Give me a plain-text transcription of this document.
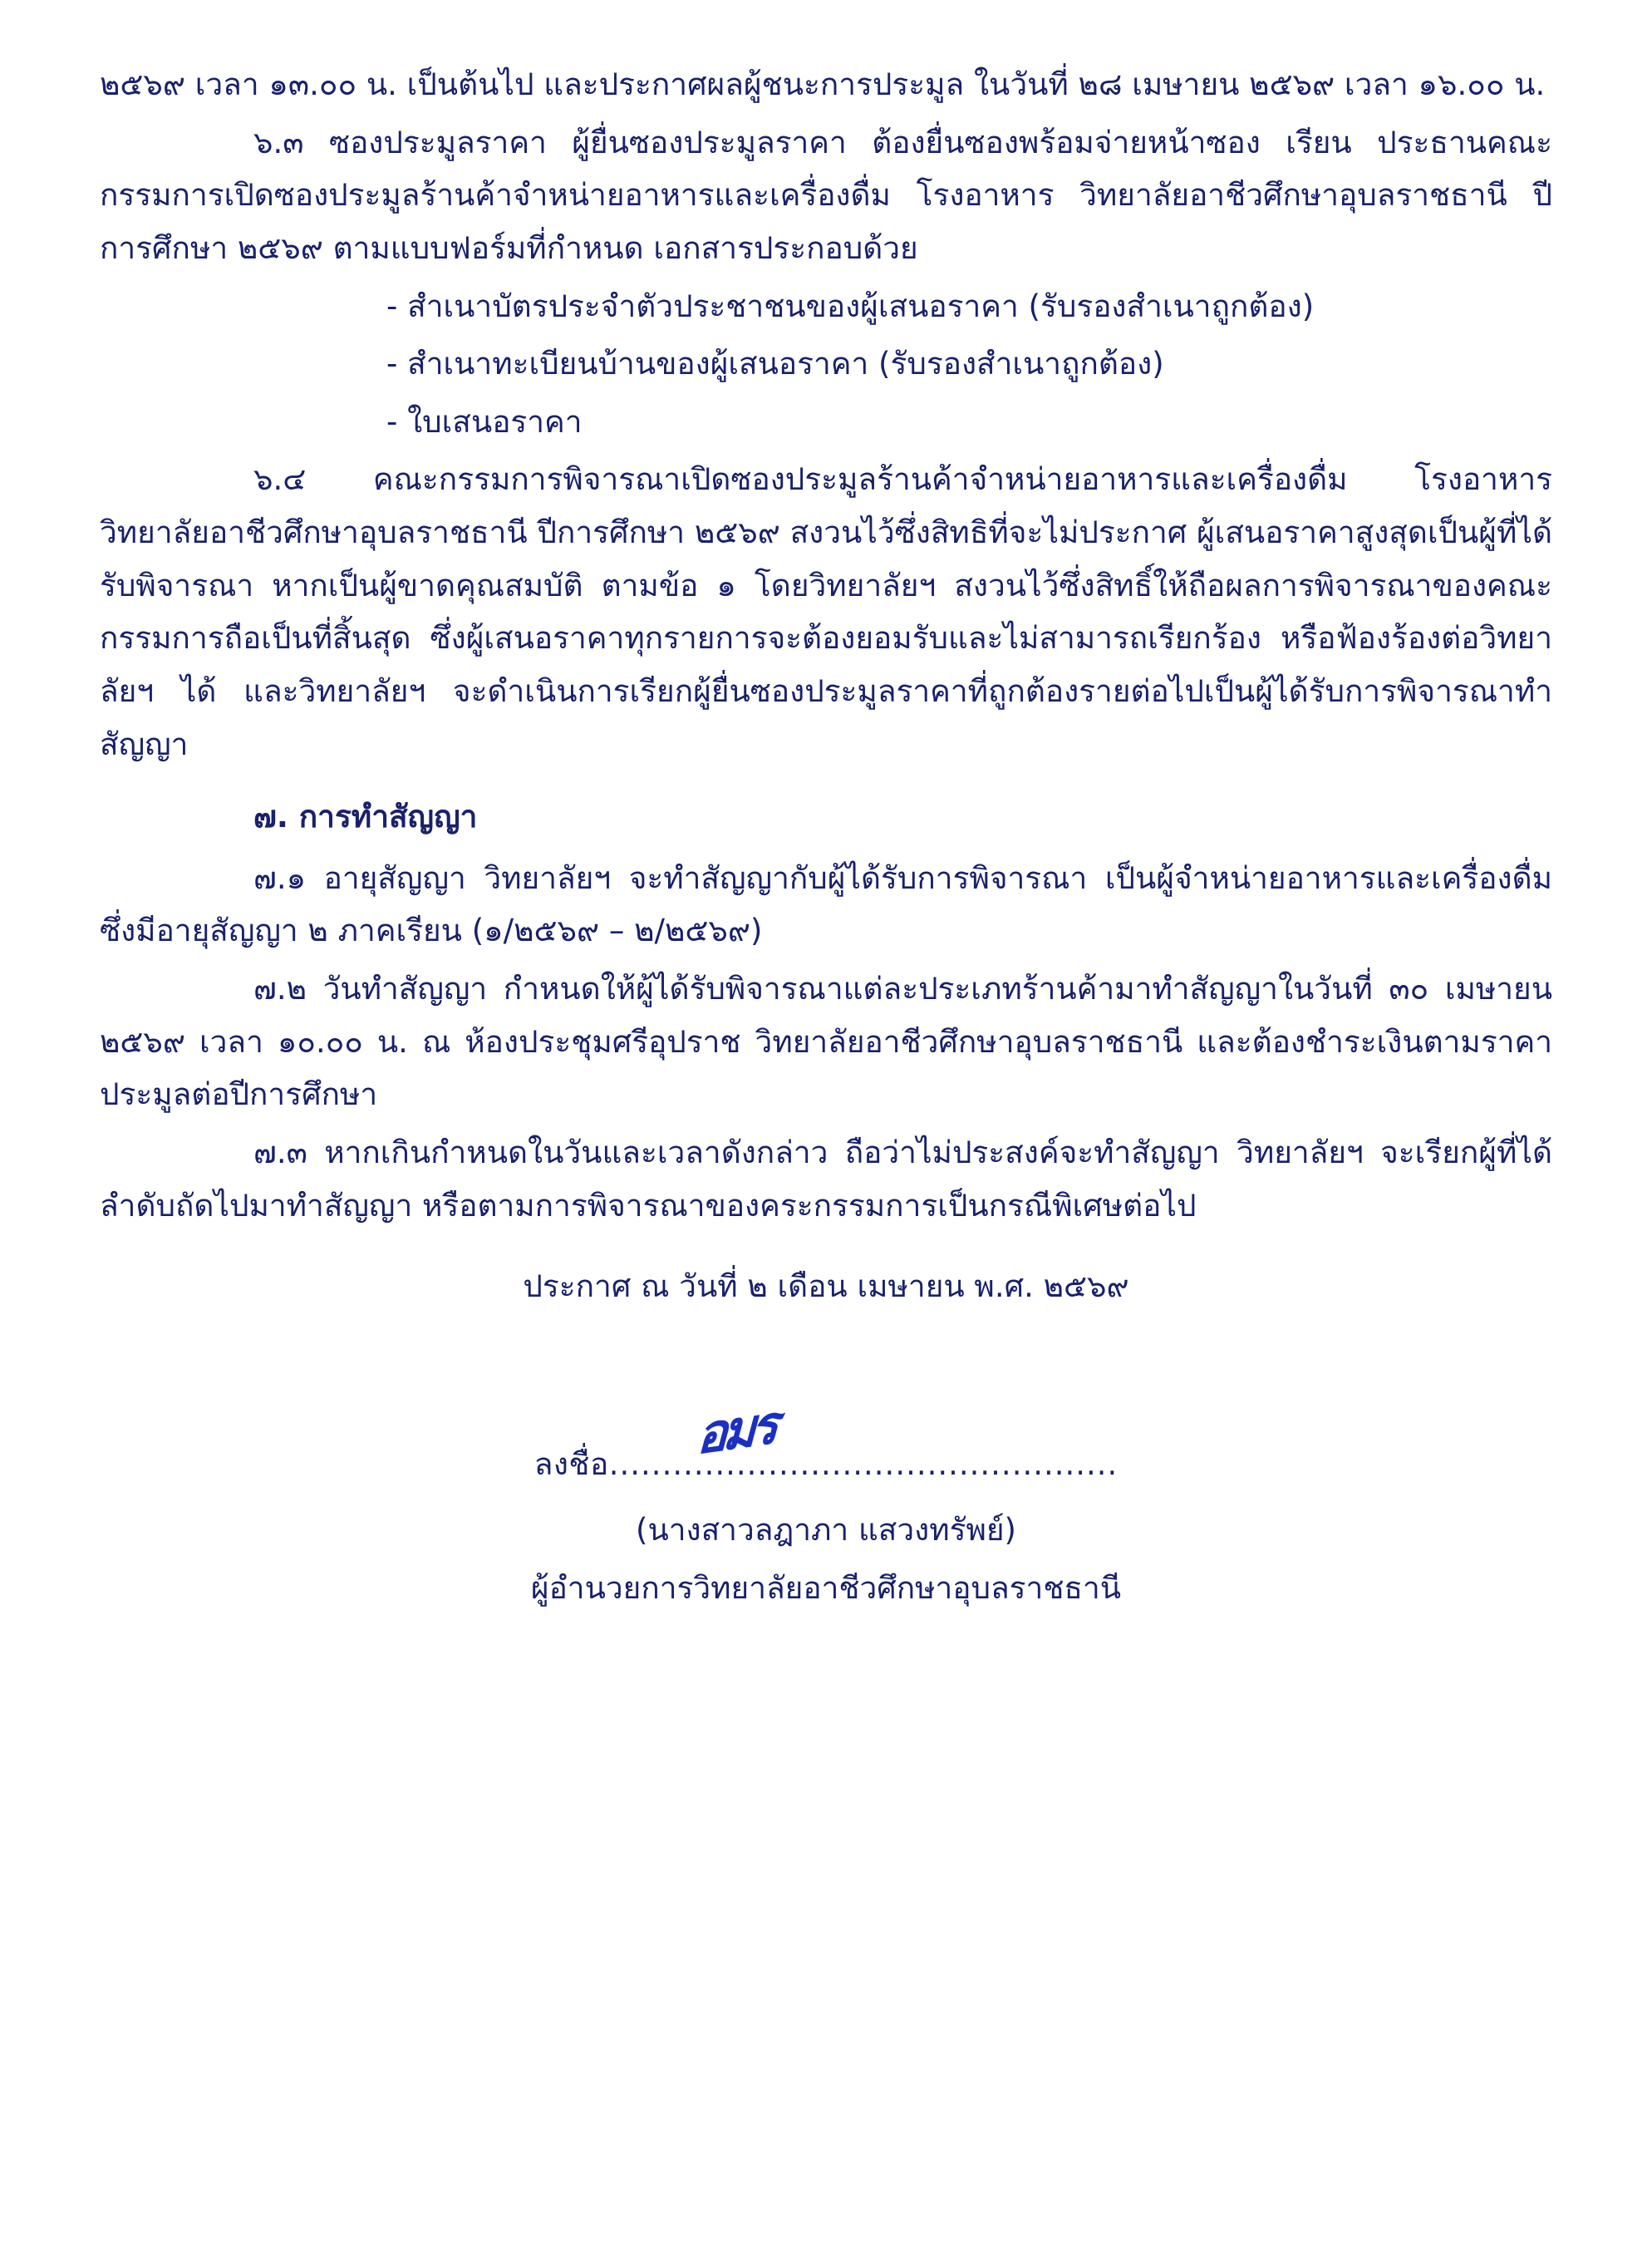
๒๕๖๙ เวลา ๑๓.๐๐ น. เป็นต้นไป และประกาศผลผู้ชนะการประมูล ในวันที่ ๒๘ เมษายน ๒๕๖๙ เวลา ๑๖.๐๐ น.

๖.๓ ซองประมูลราคา ผู้ยื่นซองประมูลราคา ต้องยื่นซองพร้อมจ่ายหน้าซอง เรียน ประธานคณะกรรมการเปิดซองประมูลร้านค้าจำหน่ายอาหารและเครื่องดื่ม โรงอาหาร วิทยาลัยอาชีวศึกษาอุบลราชธานี ปีการศึกษา ๒๕๖๙ ตามแบบฟอร์มที่กำหนด เอกสารประกอบด้วย

- สำเนาบัตรประจำตัวประชาชนของผู้เสนอราคา (รับรองสำเนาถูกต้อง)

- สำเนาทะเบียนบ้านของผู้เสนอราคา (รับรองสำเนาถูกต้อง)

- ใบเสนอราคา

๖.๔ คณะกรรมการพิจารณาเปิดซองประมูลร้านค้าจำหน่ายอาหารและเครื่องดื่ม โรงอาหาร วิทยาลัยอาชีวศึกษาอุบลราชธานี ปีการศึกษา ๒๕๖๙ สงวนไว้ซึ่งสิทธิที่จะไม่ประกาศ ผู้เสนอราคาสูงสุดเป็นผู้ที่ได้รับพิจารณา หากเป็นผู้ขาดคุณสมบัติ ตามข้อ ๑ โดยวิทยาลัยฯ สงวนไว้ซึ่งสิทธิ์ให้ถือผลการพิจารณาของคณะกรรมการถือเป็นที่สิ้นสุด ซึ่งผู้เสนอราคาทุกรายการจะต้องยอมรับและไม่สามารถเรียกร้อง หรือฟ้องร้องต่อวิทยาลัยฯ ได้ และวิทยาลัยฯ จะดำเนินการเรียกผู้ยื่นซองประมูลราคาที่ถูกต้องรายต่อไปเป็นผู้ได้รับการพิจารณาทำสัญญา

๗. การทำสัญญา

๗.๑ อายุสัญญา วิทยาลัยฯ จะทำสัญญากับผู้ได้รับการพิจารณา เป็นผู้จำหน่ายอาหารและเครื่องดื่ม ซึ่งมีอายุสัญญา ๒ ภาคเรียน (๑/๒๕๖๙ – ๒/๒๕๖๙)

๗.๒ วันทำสัญญา กำหนดให้ผู้ได้รับพิจารณาแต่ละประเภทร้านค้ามาทำสัญญาในวันที่ ๓๐ เมษายน ๒๕๖๙ เวลา ๑๐.๐๐ น. ณ ห้องประชุมศรีอุปราช วิทยาลัยอาชีวศึกษาอุบลราชธานี และต้องชำระเงินตามราคาประมูลต่อปีการศึกษา

๗.๓ หากเกินกำหนดในวันและเวลาดังกล่าว ถือว่าไม่ประสงค์จะทำสัญญา วิทยาลัยฯ จะเรียกผู้ที่ได้ลำดับถัดไปมาทำสัญญา หรือตามการพิจารณาของคระกรรมการเป็นกรณีพิเศษต่อไป

ประกาศ ณ วันที่ ๒ เดือน เมษายน พ.ศ. ๒๕๖๙

ลงชื่อ................................................
อมร
(นางสาวลฎาภา แสวงทรัพย์)
ผู้อำนวยการวิทยาลัยอาชีวศึกษาอุบลราชธานี
